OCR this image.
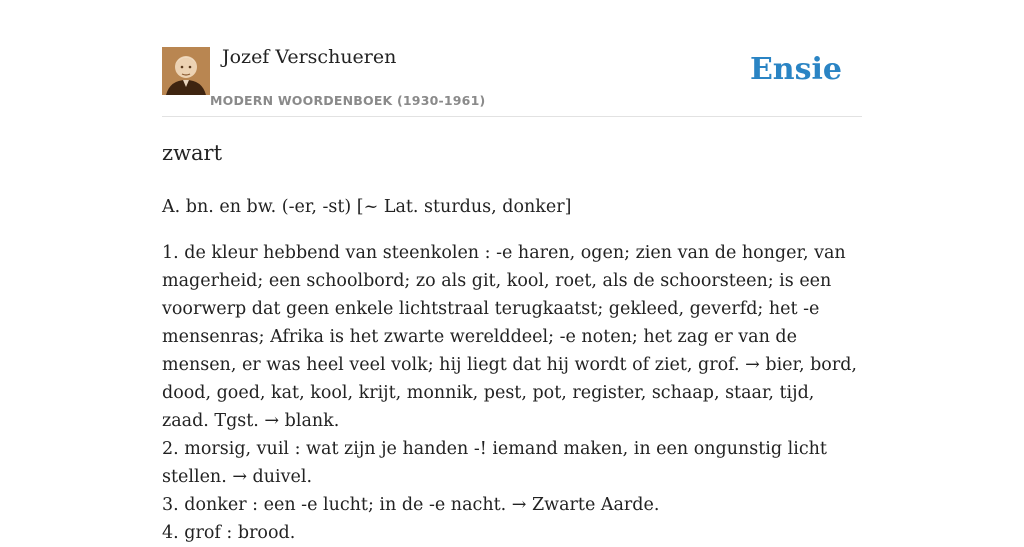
Jozef Verschueren
MODERN WOORDENBOEK (1930-1961)
Ensie
zwart
A. bn. en bw. (-er, -st) [~ Lat. sturdus, donker]

1. de kleur hebbend van steenkolen : -e haren, ogen; zien van de honger, van magerheid; een schoolbord; zo als git, kool, roet, als de schoorsteen; is een voorwerp dat geen enkele lichtstraal terugkaatst; gekleed, geverfd; het -e mensenras; Afrika is het zwarte werelddeel; -e noten; het zag er van de mensen, er was heel veel volk; hij liegt dat hij wordt of ziet, grof. → bier, bord, dood, goed, kat, kool, krijt, monnik, pest, pot, register, schaap, staar, tijd, zaad. Tgst. → blank.

2. morsig, vuil : wat zijn je handen -! iemand maken, in een ongunstig licht stellen. → duivel.

3. donker : een -e lucht; in de -e nacht. → Zwarte Aarde.

4. grof : brood.
